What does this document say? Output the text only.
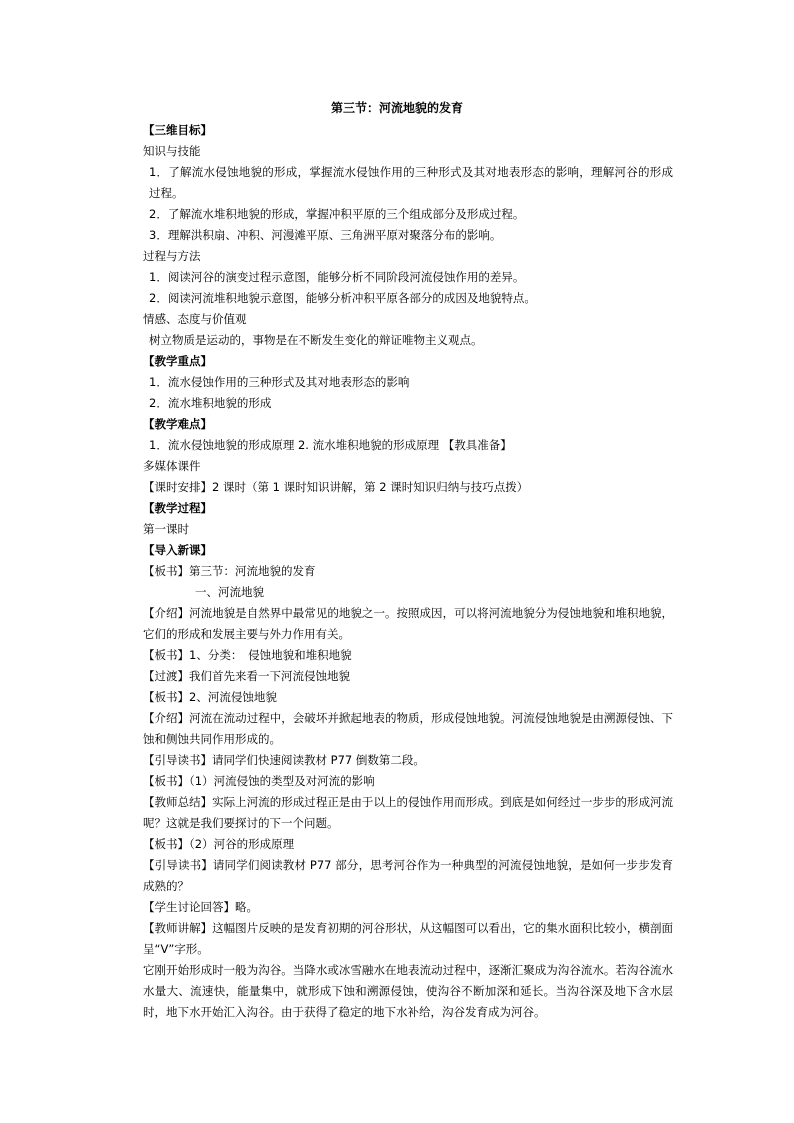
第三节：河流地貌的发育

【三维目标】

知识与技能

1．了解流水侵蚀地貌的形成，掌握流水侵蚀作用的三种形式及其对地表形态的影响，理解河谷的形成过程。

2．了解流水堆积地貌的形成，掌握冲积平原的三个组成部分及形成过程。

3．理解洪积扇、冲积、河漫滩平原、三角洲平原对聚落分布的影响。

过程与方法

1．阅读河谷的演变过程示意图，能够分析不同阶段河流侵蚀作用的差异。

2．阅读河流堆积地貌示意图，能够分析冲积平原各部分的成因及地貌特点。

情感、态度与价值观

树立物质是运动的，事物是在不断发生变化的辩证唯物主义观点。

【教学重点】

1．流水侵蚀作用的三种形式及其对地表形态的影响

2．流水堆积地貌的形成

【教学难点】

1．流水侵蚀地貌的形成原理 2. 流水堆积地貌的形成原理 【教具准备】

多媒体课件

【课时安排】2 课时（第 1 课时知识讲解，第 2 课时知识归纳与技巧点拨）

【教学过程】

第一课时

【导入新课】

【板书】第三节：河流地貌的发育

一、河流地貌

【介绍】河流地貌是自然界中最常见的地貌之一。按照成因，可以将河流地貌分为侵蚀地貌和堆积地貌，它们的形成和发展主要与外力作用有关。

【板书】1、分类：　侵蚀地貌和堆积地貌

【过渡】我们首先来看一下河流侵蚀地貌

【板书】2、河流侵蚀地貌

【介绍】河流在流动过程中，会破坏并掀起地表的物质，形成侵蚀地貌。河流侵蚀地貌是由溯源侵蚀、下蚀和侧蚀共同作用形成的。

【引导读书】请同学们快速阅读教材 P77 倒数第二段。

【板书】（1）河流侵蚀的类型及对河流的影响

【教师总结】实际上河流的形成过程正是由于以上的侵蚀作用而形成。到底是如何经过一步步的形成河流呢？这就是我们要探讨的下一个问题。

【板书】（2）河谷的形成原理

【引导读书】请同学们阅读教材 P77 部分，思考河谷作为一种典型的河流侵蚀地貌，是如何一步步发育成熟的？

【学生讨论回答】略。

【教师讲解】这幅图片反映的是发育初期的河谷形状，从这幅图可以看出，它的集水面积比较小，横剖面呈“V”字形。

它刚开始形成时一般为沟谷。当降水或冰雪融水在地表流动过程中，逐渐汇聚成为沟谷流水。若沟谷流水水量大、流速快，能量集中，就形成下蚀和溯源侵蚀，使沟谷不断加深和延长。当沟谷深及地下含水层时，地下水开始汇入沟谷。由于获得了稳定的地下水补给，沟谷发育成为河谷。
